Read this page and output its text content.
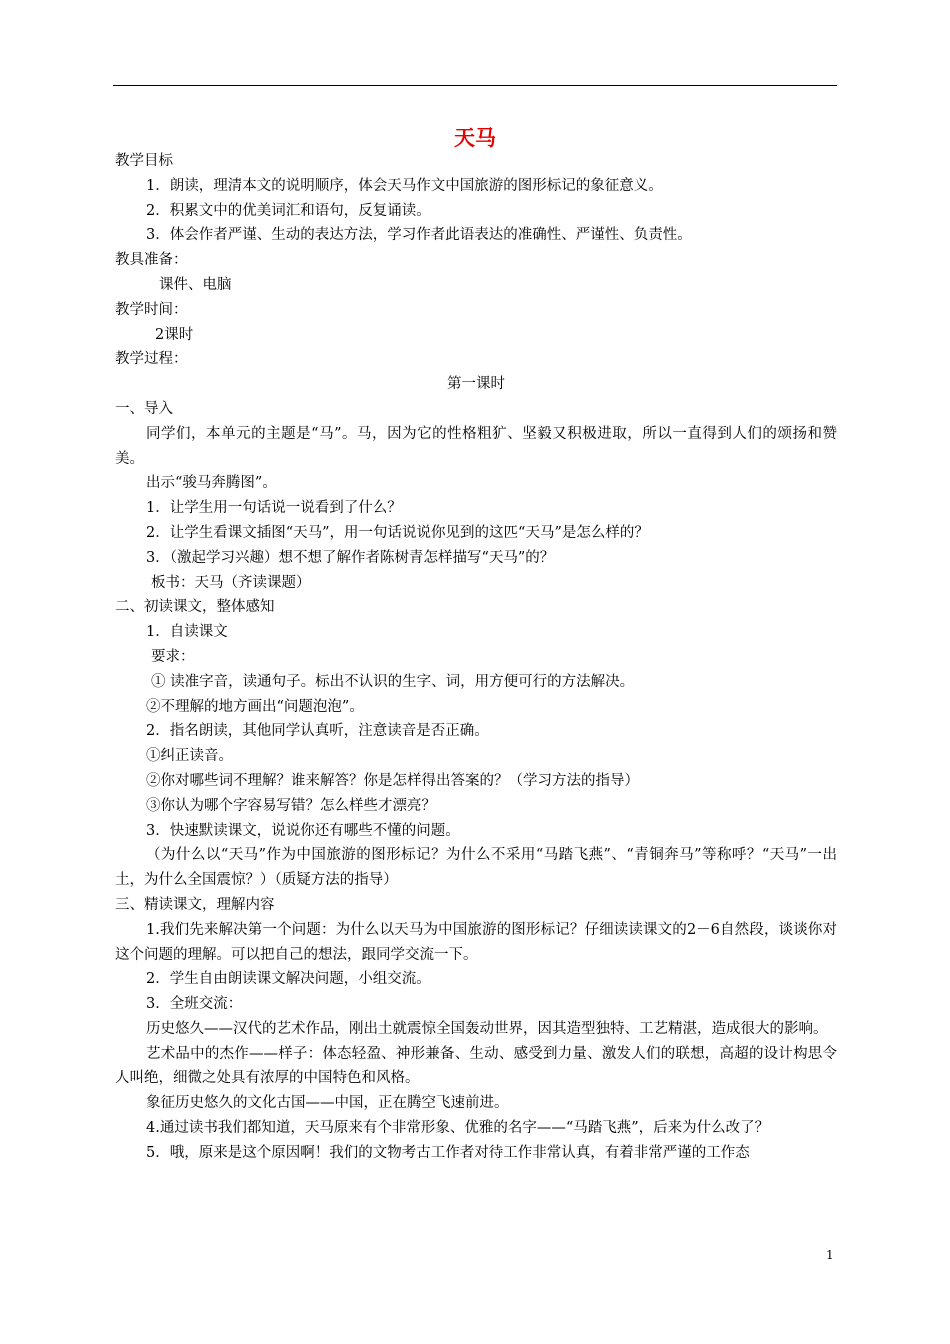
天马

教学目标

1．朗读，理清本文的说明顺序，体会天马作文中国旅游的图形标记的象征意义。

2．积累文中的优美词汇和语句，反复诵读。

3．体会作者严谨、生动的表达方法，学习作者此语表达的准确性、严谨性、负责性。

教具准备：

课件、电脑

教学时间：

2课时

教学过程：

第一课时

一、导入

同学们，本单元的主题是“马”。马，因为它的性格粗犷、坚毅又积极进取，所以一直得到人们的颂扬和赞美。

出示“骏马奔腾图”。

1．让学生用一句话说一说看到了什么？

2．让学生看课文插图“天马”，用一句话说说你见到的这匹“天马”是怎么样的？

3．（激起学习兴趣）想不想了解作者陈树青怎样描写“天马”的？

板书：天马（齐读课题）

二、初读课文，整体感知

1．自读课文

要求：

① 读准字音，读通句子。标出不认识的生字、词，用方便可行的方法解决。

②不理解的地方画出“问题泡泡”。

2．指名朗读，其他同学认真听，注意读音是否正确。

①纠正读音。

②你对哪些词不理解？谁来解答？你是怎样得出答案的？（学习方法的指导）

③你认为哪个字容易写错？怎么样些才漂亮？

3．快速默读课文，说说你还有哪些不懂的问题。

（为什么以“天马”作为中国旅游的图形标记？为什么不采用“马踏飞燕”、“青铜奔马”等称呼？“天马”一出土，为什么全国震惊？）（质疑方法的指导）

三、精读课文，理解内容

1.我们先来解决第一个问题：为什么以天马为中国旅游的图形标记？仔细读读课文的2－6自然段，谈谈你对这个问题的理解。可以把自己的想法，跟同学交流一下。

2．学生自由朗读课文解决问题，小组交流。

3．全班交流：

历史悠久——汉代的艺术作品，刚出土就震惊全国轰动世界，因其造型独特、工艺精湛，造成很大的影响。

艺术品中的杰作——样子：体态轻盈、神形兼备、生动、感受到力量、激发人们的联想，高超的设计构思令人叫绝，细微之处具有浓厚的中国特色和风格。

象征历史悠久的文化古国——中国，正在腾空飞速前进。

4.通过读书我们都知道，天马原来有个非常形象、优雅的名字——“马踏飞燕”，后来为什么改了？

5．哦，原来是这个原因啊！我们的文物考古工作者对待工作非常认真，有着非常严谨的工作态

1
